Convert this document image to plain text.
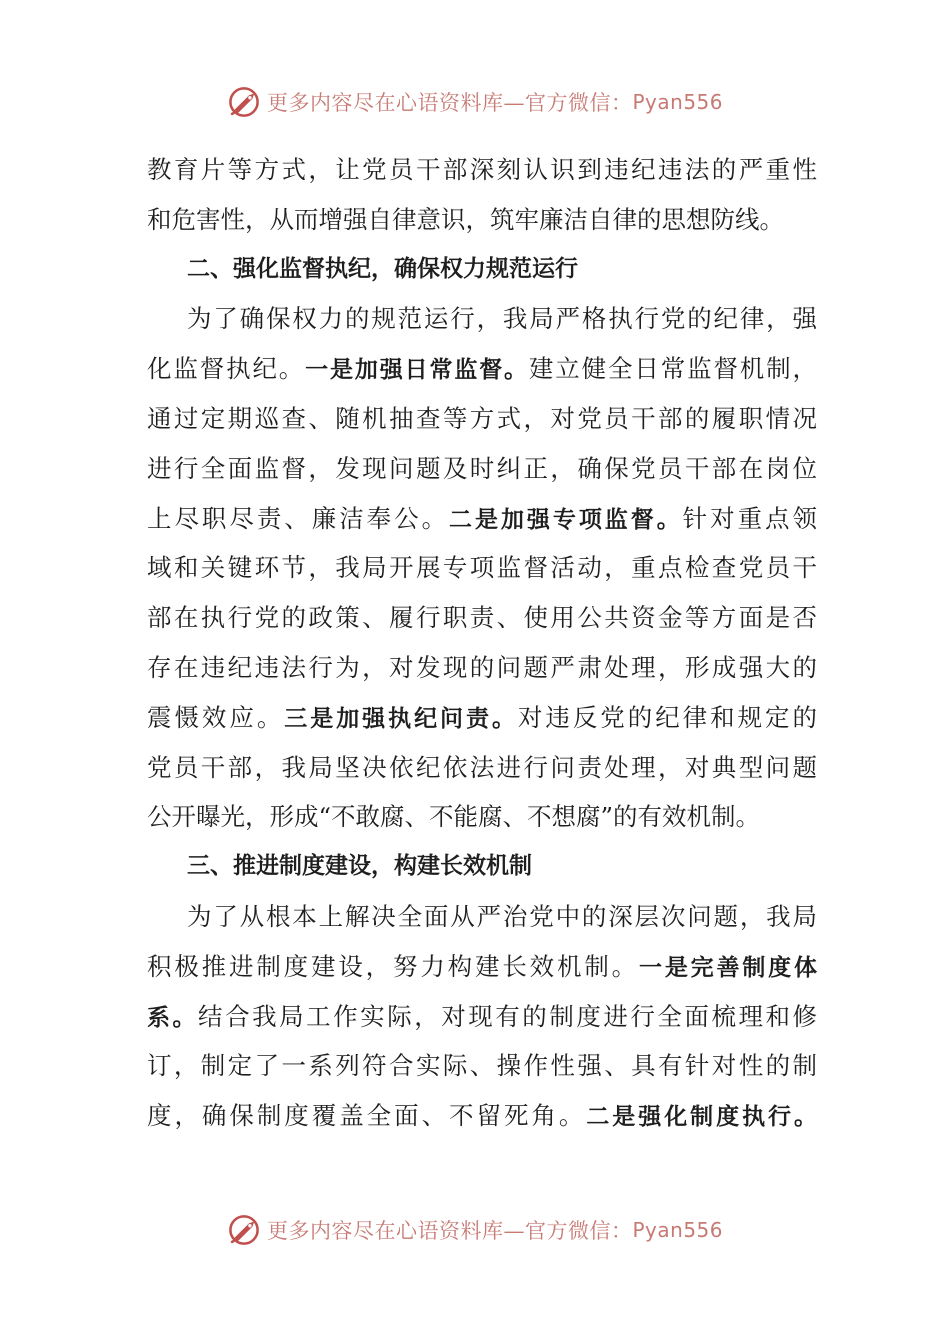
更多内容尽在心语资料库—官方微信： Pyan556
教育片等方式，让党员干部深刻认识到违纪违法的严重性
和危害性，从而增强自律意识，筑牢廉洁自律的思想防线。
二、强化监督执纪，确保权力规范运行
为了确保权力的规范运行，我局严格执行党的纪律，强
化监督执纪。一是加强日常监督。建立健全日常监督机制，
通过定期巡查、随机抽查等方式，对党员干部的履职情况
进行全面监督，发现问题及时纠正，确保党员干部在岗位
上尽职尽责、廉洁奉公。二是加强专项监督。针对重点领
域和关键环节，我局开展专项监督活动，重点检查党员干
部在执行党的政策、履行职责、使用公共资金等方面是否
存在违纪违法行为，对发现的问题严肃处理，形成强大的
震慑效应。三是加强执纪问责。对违反党的纪律和规定的
党员干部，我局坚决依纪依法进行问责处理，对典型问题
公开曝光，形成“不敢腐、不能腐、不想腐”的有效机制。
三、推进制度建设，构建长效机制
为了从根本上解决全面从严治党中的深层次问题，我局
积极推进制度建设，努力构建长效机制。一是完善制度体
系。结合我局工作实际，对现有的制度进行全面梳理和修
订，制定了一系列符合实际、操作性强、具有针对性的制
度，确保制度覆盖全面、不留死角。二是强化制度执行。
更多内容尽在心语资料库—官方微信： Pyan556
